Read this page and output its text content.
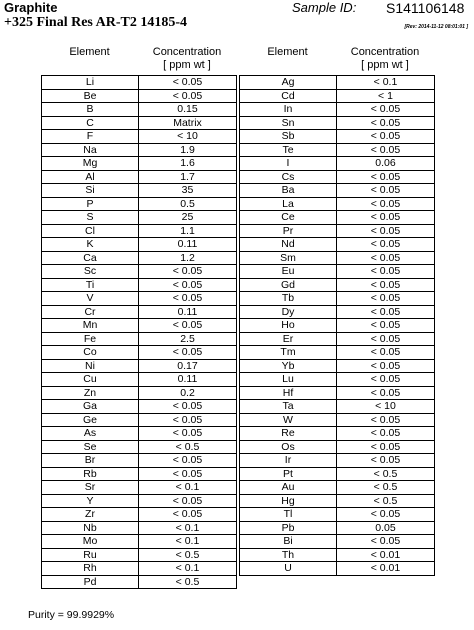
Graphite
+325 Final Res AR-T2 14185-4
Sample ID: S141106148
[Rev: 2014-11-12 08:01:01 ]
Element	Concentration
[ ppm wt ]
Element	Concentration
[ ppm wt ]
Li	< 0.05
Be	< 0.05
B	0.15
C	Matrix
F	< 10
Na	1.9
Mg	1.6
Al	1.7
Si	35
P	0.5
S	25
Cl	1.1
K	0.11
Ca	1.2
Sc	< 0.05
Ti	< 0.05
V	< 0.05
Cr	0.11
Mn	< 0.05
Fe	2.5
Co	< 0.05
Ni	0.17
Cu	0.11
Zn	0.2
Ga	< 0.05
Ge	< 0.05
As	< 0.05
Se	< 0.5
Br	< 0.05
Rb	< 0.05
Sr	< 0.1
Y	< 0.05
Zr	< 0.05
Nb	< 0.1
Mo	< 0.1
Ru	< 0.5
Rh	< 0.1
Pd	< 0.5
Ag	< 0.1
Cd	< 1
In	< 0.05
Sn	< 0.05
Sb	< 0.05
Te	< 0.05
I	0.06
Cs	< 0.05
Ba	< 0.05
La	< 0.05
Ce	< 0.05
Pr	< 0.05
Nd	< 0.05
Sm	< 0.05
Eu	< 0.05
Gd	< 0.05
Tb	< 0.05
Dy	< 0.05
Ho	< 0.05
Er	< 0.05
Tm	< 0.05
Yb	< 0.05
Lu	< 0.05
Hf	< 0.05
Ta	< 10
W	< 0.05
Re	< 0.05
Os	< 0.05
Ir	< 0.05
Pt	< 0.5
Au	< 0.5
Hg	< 0.5
Tl	< 0.05
Pb	0.05
Bi	< 0.05
Th	< 0.01
U	< 0.01
Purity = 99.9929%
